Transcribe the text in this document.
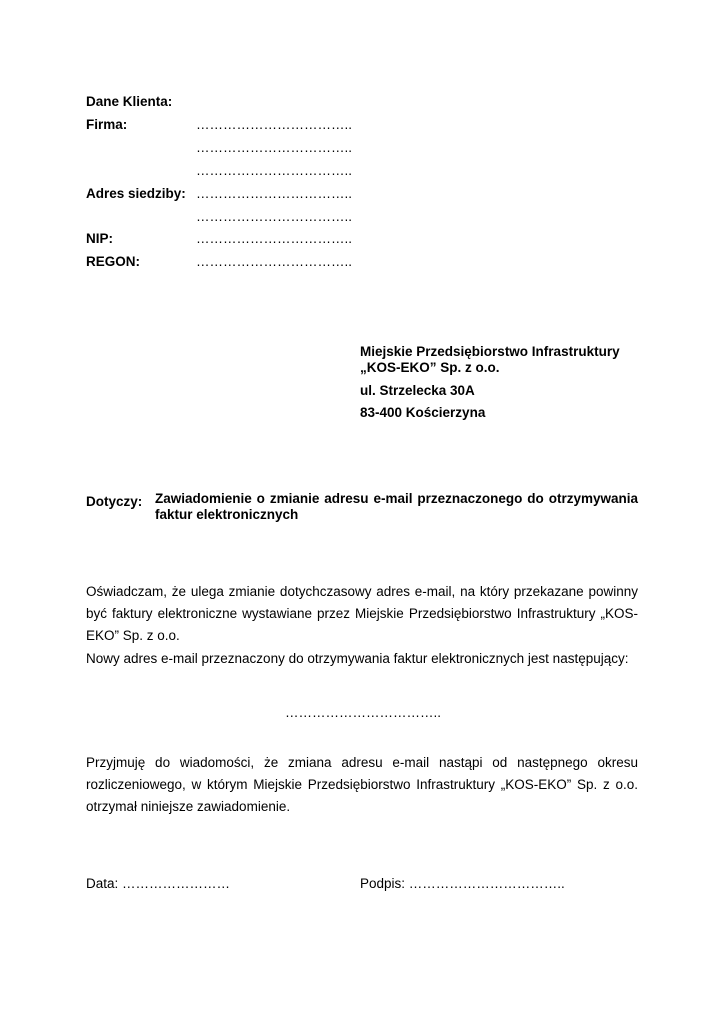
Dane Klienta:
Firma:	……………………………..
……………………………..
……………………………..
Adres siedziby: ……………………………..
……………………………..
NIP:	……………………………..
REGON:	……………………………..
Miejskie Przedsiębiorstwo Infrastruktury
„KOS-EKO” Sp. z o.o.
ul. Strzelecka 30A
83-400 Kościerzyna
Dotyczy: Zawiadomienie o zmianie adresu e-mail przeznaczonego do otrzymywania faktur elektronicznych
Oświadczam, że ulega zmianie dotychczasowy adres e-mail, na który przekazane powinny być faktury elektroniczne wystawiane przez Miejskie Przedsiębiorstwo Infrastruktury „KOS-EKO” Sp. z o.o.
Nowy adres e-mail przeznaczony do otrzymywania faktur elektronicznych jest następujący:
……………………………..
Przyjmuję do wiadomości, że zmiana adresu e-mail nastąpi od następnego okresu rozliczeniowego, w którym Miejskie Przedsiębiorstwo Infrastruktury „KOS-EKO” Sp. z o.o. otrzymał niniejsze zawiadomienie.
Data: ……………………	Podpis: ……………………………..
